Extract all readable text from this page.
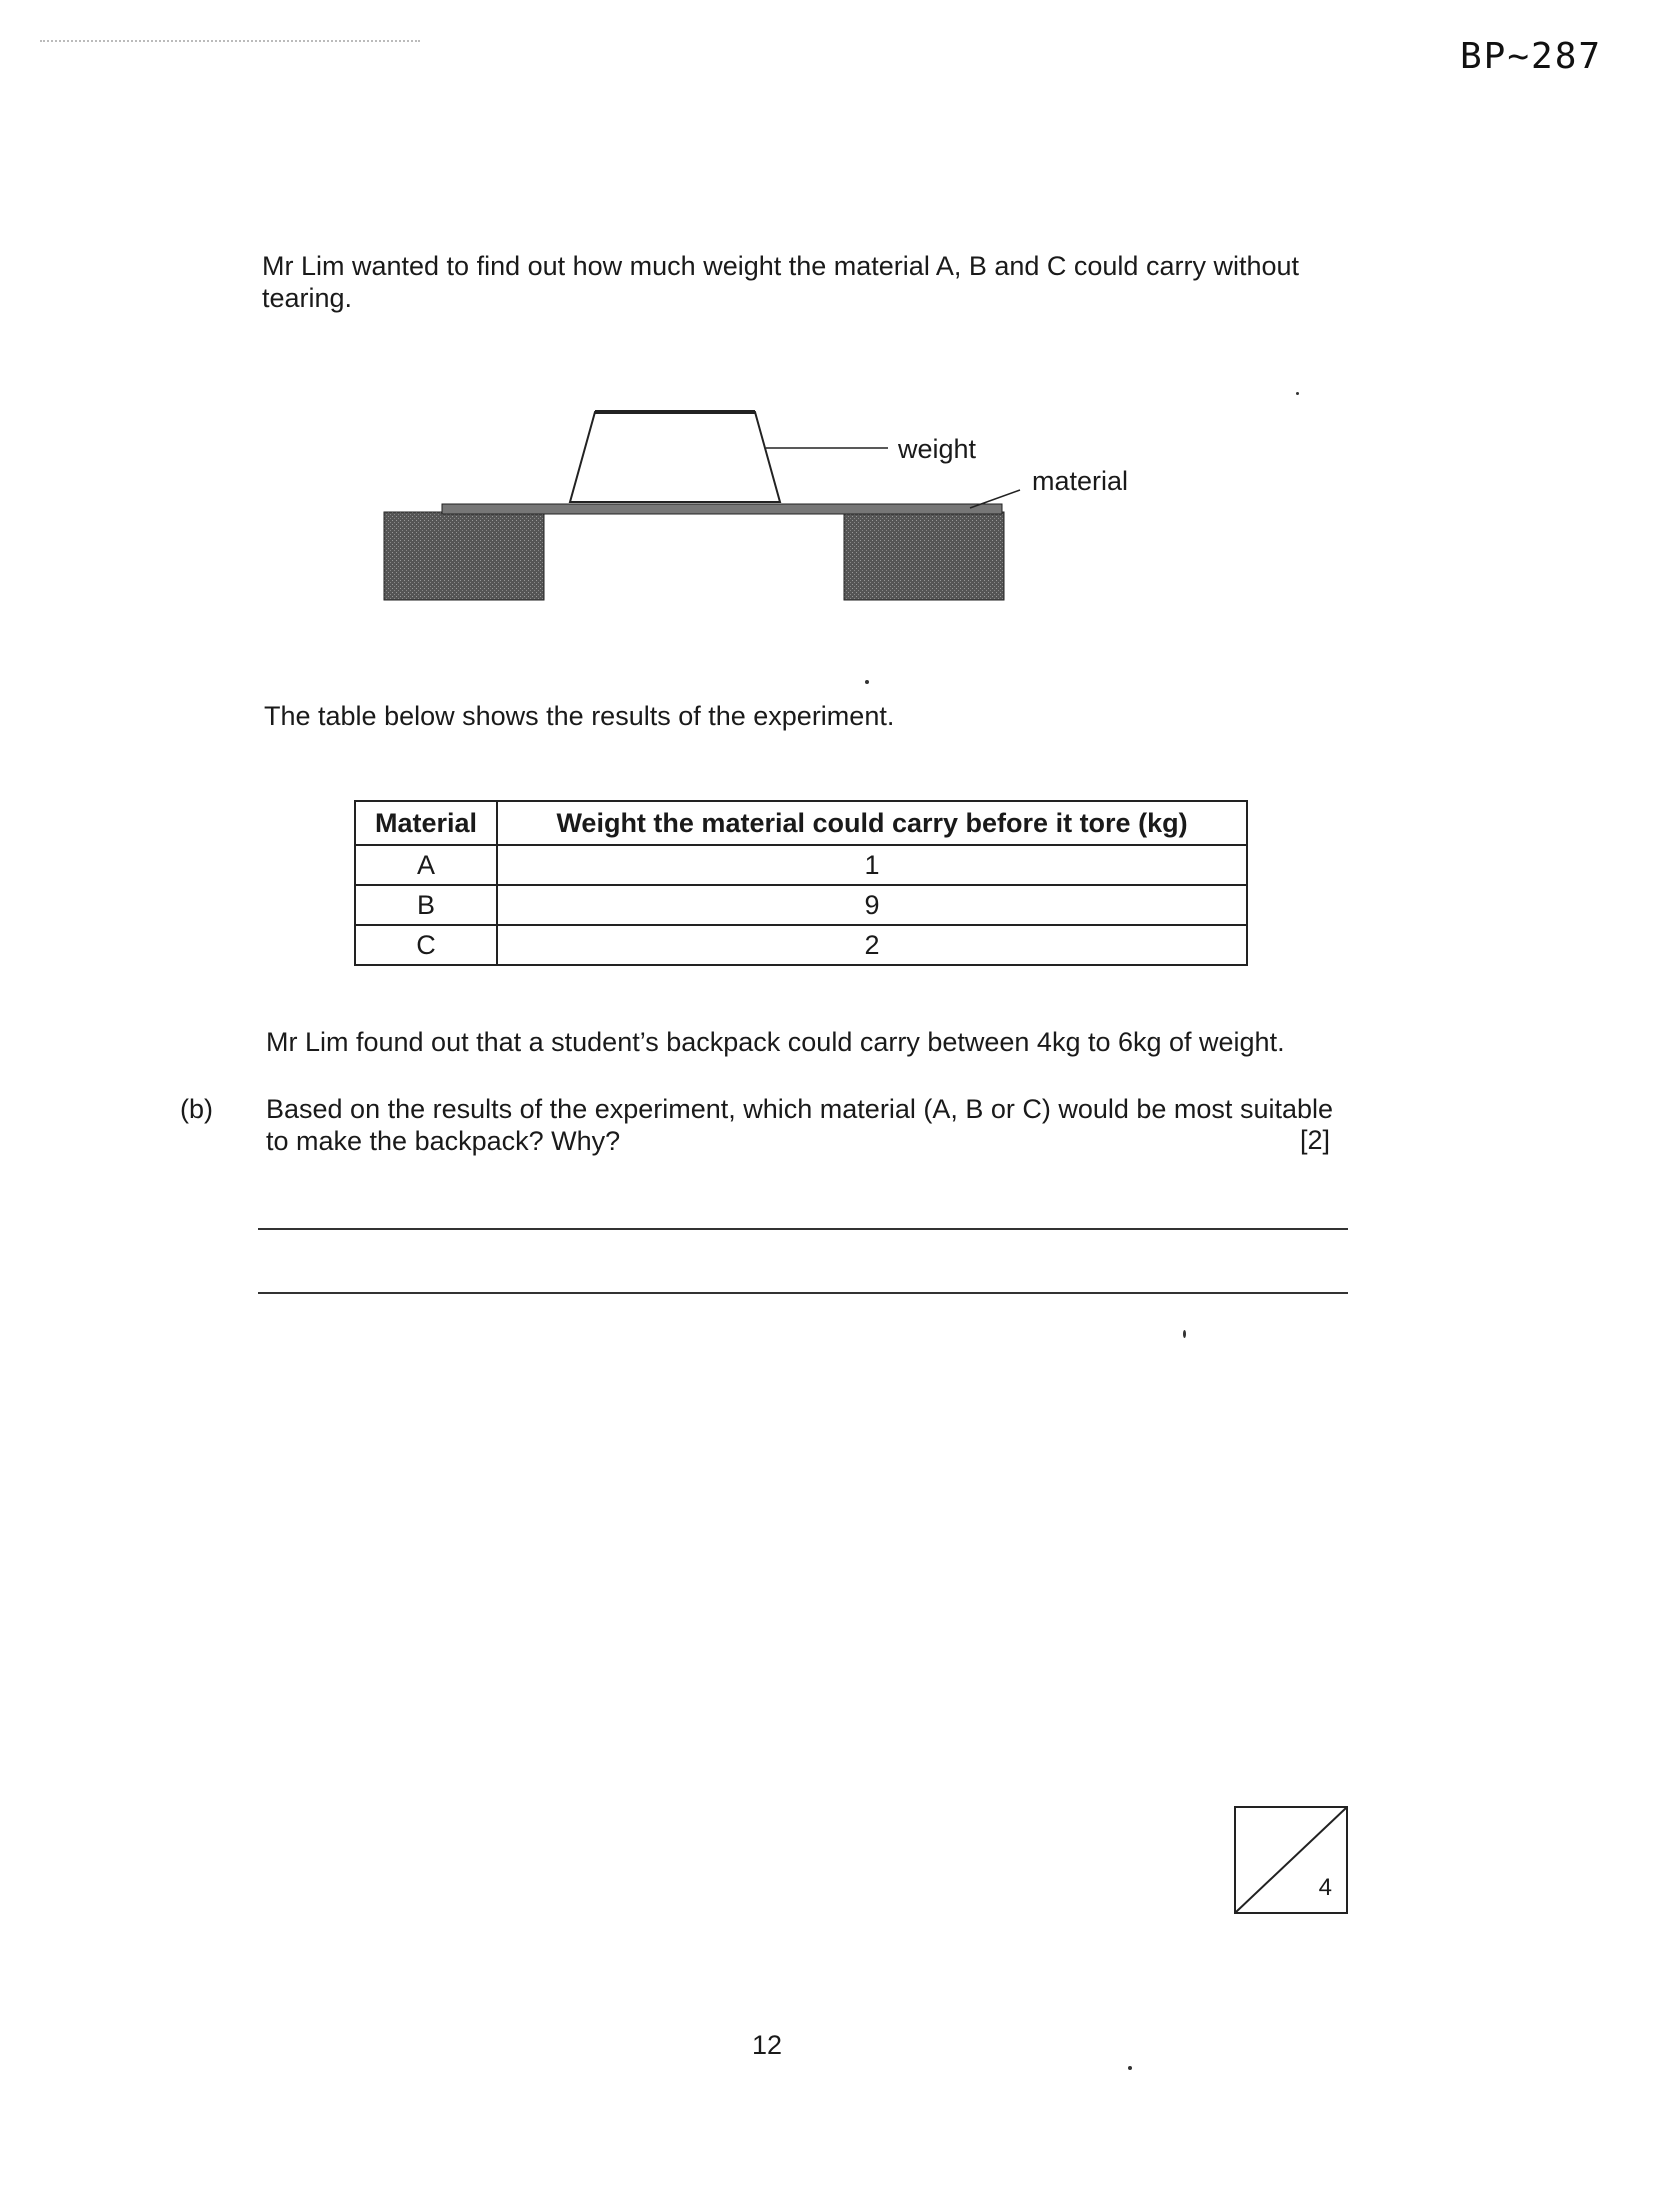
BP~287
Mr Lim wanted to find out how much weight the material A, B and C could carry without tearing.
weight
material
The table below shows the results of the experiment.
Material	Weight the material could carry before it tore (kg)
A	1
B	9
C	2
Mr Lim found out that a student’s backpack could carry between 4kg to 6kg of weight.
(b)	Based on the results of the experiment, which material (A, B or C) would be most suitable to make the backpack? Why?	[2]
4
12
